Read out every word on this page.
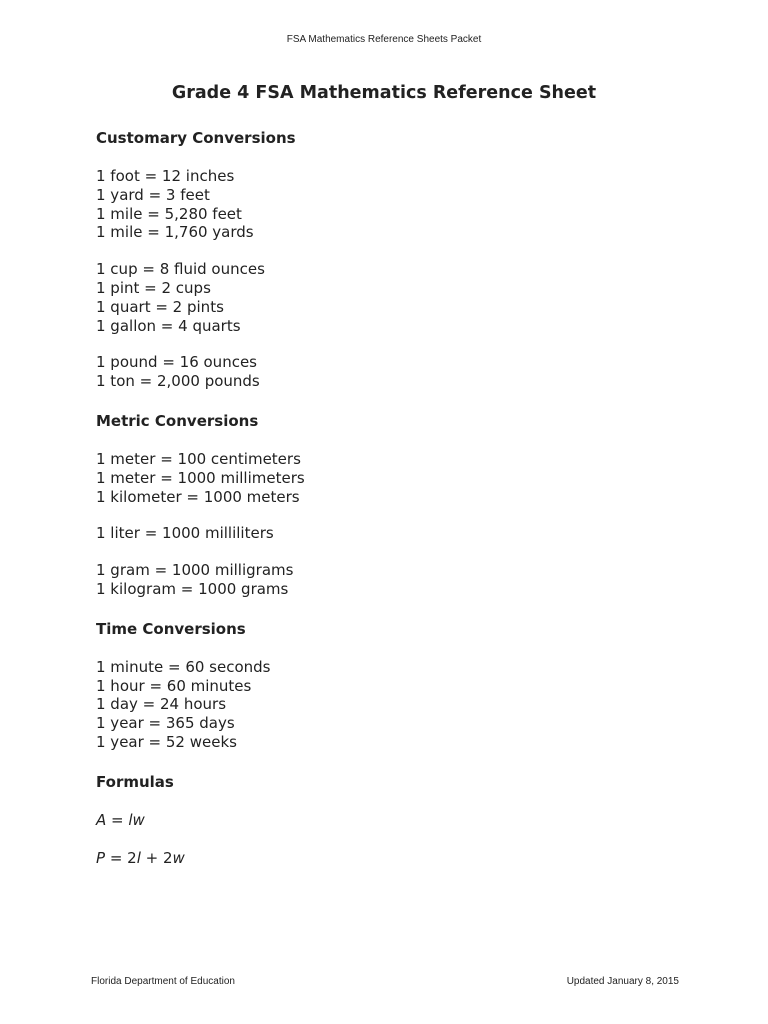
FSA Mathematics Reference Sheets Packet
Grade 4 FSA Mathematics Reference Sheet
Customary Conversions
1 foot = 12 inches
1 yard = 3 feet
1 mile = 5,280 feet
1 mile = 1,760 yards
1 cup = 8 fluid ounces
1 pint = 2 cups
1 quart = 2 pints
1 gallon = 4 quarts
1 pound = 16 ounces
1 ton = 2,000 pounds
Metric Conversions
1 meter = 100 centimeters
1 meter = 1000 millimeters
1 kilometer = 1000 meters
1 liter = 1000 milliliters
1 gram = 1000 milligrams
1 kilogram = 1000 grams
Time Conversions
1 minute = 60 seconds
1 hour = 60 minutes
1 day = 24 hours
1 year = 365 days
1 year = 52 weeks
Formulas
A = lw
P = 2l + 2w
Florida Department of Education	Updated January 8, 2015
